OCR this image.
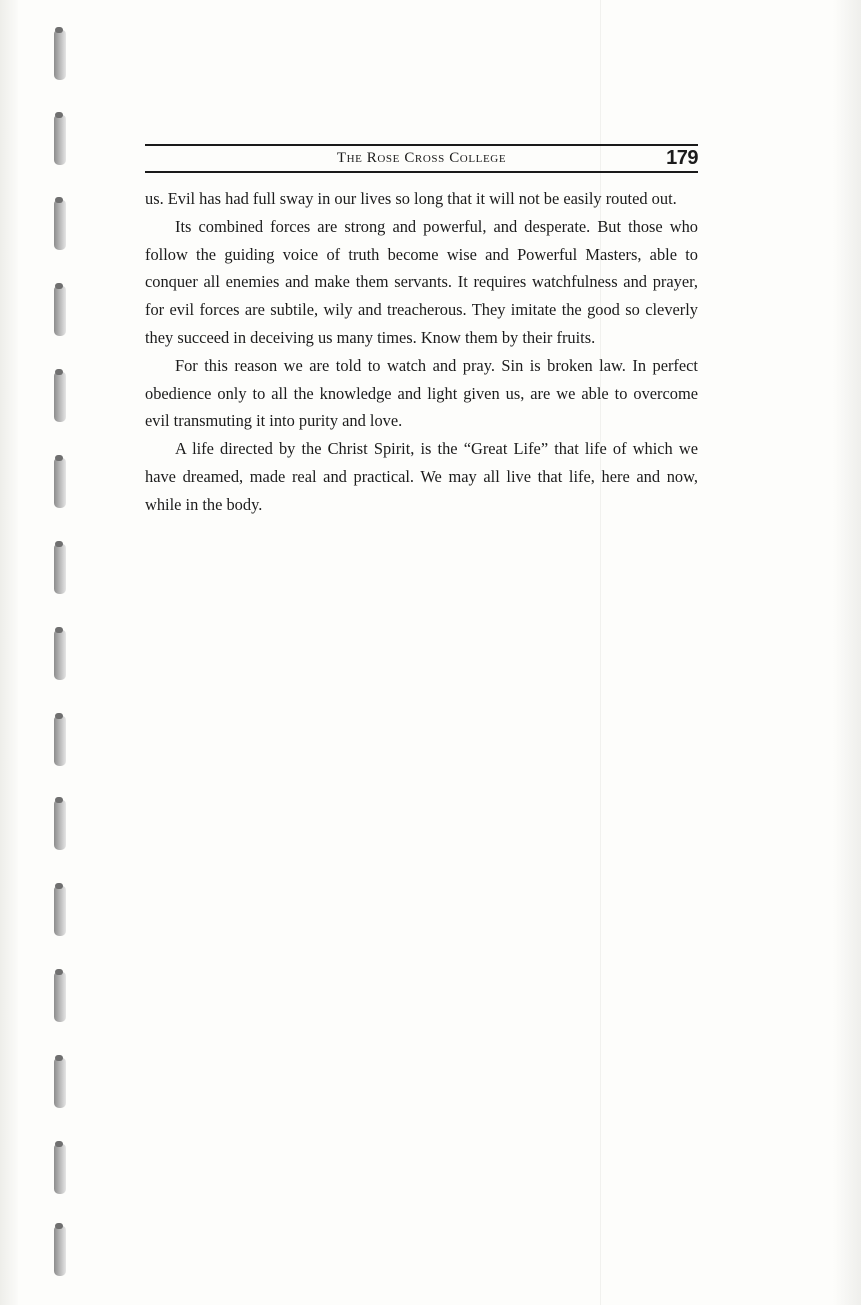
The Rose Cross College	179

us. Evil has had full sway in our lives so long that it will not be easily routed out.

Its combined forces are strong and powerful, and desperate. But those who follow the guiding voice of truth become wise and Powerful Masters, able to conquer all enemies and make them servants. It requires watchfulness and prayer, for evil forces are subtile, wily and treacherous. They imitate the good so cleverly they succeed in deceiving us many times. Know them by their fruits.

For this reason we are told to watch and pray. Sin is broken law. In perfect obedience only to all the knowledge and light given us, are we able to overcome evil transmuting it into purity and love.

A life directed by the Christ Spirit, is the “Great Life” that life of which we have dreamed, made real and practical. We may all live that life, here and now, while in the body.
